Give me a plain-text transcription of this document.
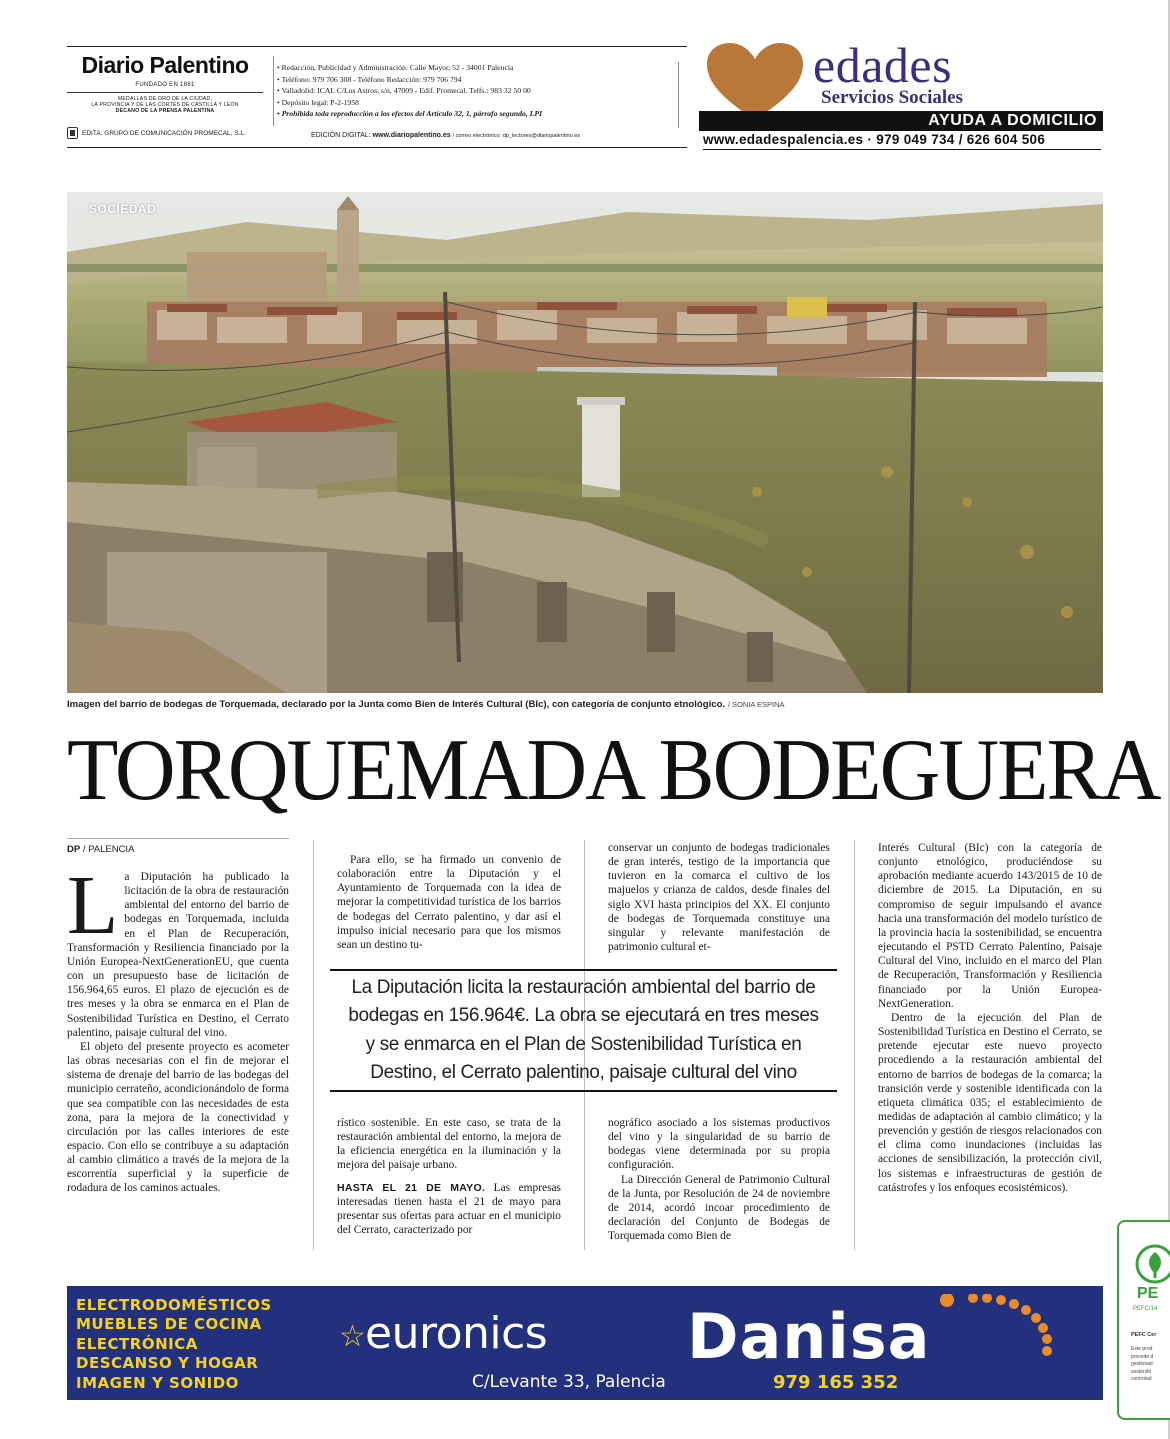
Diario Palentino
FUNDADO EN 1881
MEDALLAS DE ORO DE LA CIUDAD,
LA PROVINCIA Y DE LAS CORTES DE CASTILLA Y LEÓN
DECANO DE LA PRENSA PALENTINA
EDITA: GRUPO DE COMUNICACIÓN PROMECAL, S.L.
• Redacción, Publicidad y Administración: Calle Mayor, 52 - 34001 Palencia
• Teléfono: 979 706 308 - Teléfono Redacción: 979 706 794
• Valladolid: ICAL C/Los Astros, s/n, 47009 - Edif. Promecal. Telfs.: 983 32 50 00
• Depósito legal: P-2-1958
• Prohibida toda reproducción a los efectos del Artículo 32, 1, párrafo segundo, LPI
EDICIÓN DIGITAL: www.diariopalentino.es / correo electrónico: dp_lectores@diariopalentino.es
edades
Servicios Sociales
AYUDA A DOMICILIO
www.edadespalencia.es · 979 049 734 / 626 604 506
SOCIEDAD
Imagen del barrio de bodegas de Torquemada, declarado por la Junta como Bien de Interés Cultural (BIc), con categoría de conjunto etnológico. / SONIA ESPINA
TORQUEMADA BODEGUERA
DP / PALENCIA

La Diputación ha publicado la licitación de la obra de restauración ambiental del entorno del barrio de bodegas en Torquemada, incluida en el Plan de Recuperación, Transformación y Resiliencia financiado por la Unión Europea-NextGenerationEU, que cuenta con un presupuesto base de licitación de 156.964,65 euros. El plazo de ejecución es de tres meses y la obra se enmarca en el Plan de Sostenibilidad Turística en Destino, el Cerrato palentino, paisaje cultural del vino.

El objeto del presente proyecto es acometer las obras necesarias con el fin de mejorar el sistema de drenaje del barrio de las bodegas del municipio cerrateño, acondicionándolo de forma que sea compatible con las necesidades de esta zona, para la mejora de la conectividad y circulación por las calles interiores de este espacio. Con ello se contribuye a su adaptación al cambio climático a través de la mejora de la escorrentía superficial y la superficie de rodadura de los caminos actuales.

Para ello, se ha firmado un convenio de colaboración entre la Diputación y el Ayuntamiento de Torquemada con la idea de mejorar la competitividad turística de los barrios de bodegas del Cerrato palentino, y dar así el impulso inicial necesario para que los mismos sean un destino tu-

rístico sostenible. En este caso, se trata de la restauración ambiental del entorno, la mejora de la eficiencia energética en la iluminación y la mejora del paisaje urbano.

HASTA EL 21 DE MAYO. Las empresas interesadas tienen hasta el 21 de mayo para presentar sus ofertas para actuar en el municipio del Cerrato, caracterizado por

conservar un conjunto de bodegas tradicionales de gran interés, testigo de la importancia que tuvieron en la comarca el cultivo de los majuelos y crianza de caldos, desde finales del siglo XVI hasta principios del XX. El conjunto de bodegas de Torquemada constituye una singular y relevante manifestación de patrimonio cultural et-

nográfico asociado a los sistemas productivos del vino y la singularidad de su barrio de bodegas viene determinada por su propia configuración.

La Dirección General de Patrimonio Cultural de la Junta, por Resolución de 24 de noviembre de 2014, acordó incoar procedimiento de declaración del Conjunto de Bodegas de Torquemada como Bien de

Interés Cultural (BIc) con la categoría de conjunto etnológico, produciéndose su aprobación mediante acuerdo 143/2015 de 10 de diciembre de 2015. La Diputación, en su compromiso de seguir impulsando el avance hacia una transformación del modelo turístico de la provincia hacia la sostenibilidad, se encuentra ejecutando el PSTD Cerrato Palentino, Paisaje Cultural del Vino, incluido en el marco del Plan de Recuperación, Transformación y Resiliencia financiado por la Unión Europea-NextGeneration.

Dentro de la ejecución del Plan de Sostenibilidad Turística en Destino el Cerrato, se pretende ejecutar este nuevo proyecto procediendo a la restauración ambiental del entorno de barrios de bodegas de la comarca; la transición verde y sostenible identificada con la etiqueta climática 035; el establecimiento de medidas de adaptación al cambio climático; y la prevención y gestión de riesgos relacionados con el clima como inundaciones (incluidas las acciones de sensibilización, la protección civil, los sistemas e infraestructuras de gestión de catástrofes y los enfoques ecosistémicos).

La Diputación licita la restauración ambiental del barrio de
bodegas en 156.964€. La obra se ejecutará en tres meses
y se enmarca en el Plan de Sostenibilidad Turística en
Destino, el Cerrato palentino, paisaje cultural del vino
ELECTRODOMÉSTICOS
MUEBLES DE COCINA
ELECTRÓNICA
DESCANSO Y HOGAR
IMAGEN Y SONIDO
☆ euronics Danisa
C/Levante 33, Palencia	979 165 352
PE
PEFC/14
PEFC Cer
Este prod
procede d
gestionad
sostenibl
controlad
